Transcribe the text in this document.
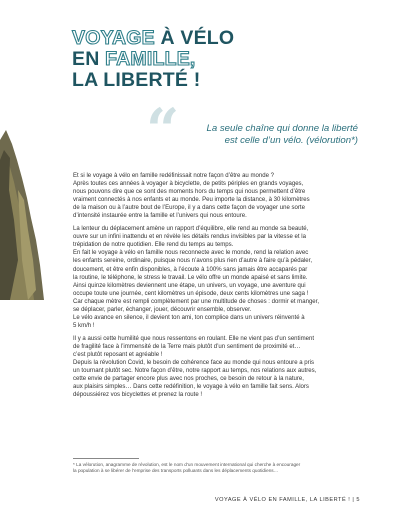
VOYAGE À VÉLO
EN FAMILLE,
LA LIBERTÉ !
“	La seule chaîne qui donne la liberté
est celle d’un vélo. (vélorution*)

Et si le voyage à vélo en famille redéfinissait notre façon d’être au monde ?
Après toutes ces années à voyager à bicyclette, de petits périples en grands voyages,
nous pouvons dire que ce sont des moments hors du temps qui nous permettent d’être
vraiment connectés à nos enfants et au monde. Peu importe la distance, à 30 kilomètres
de la maison ou à l’autre bout de l’Europe, il y a dans cette façon de voyager une sorte
d’intensité instaurée entre la famille et l’univers qui nous entoure.

La lenteur du déplacement amène un rapport d’équilibre, elle rend au monde sa beauté,
ouvre sur un infini inattendu et en révèle les détails rendus invisibles par la vitesse et la
trépidation de notre quotidien. Elle rend du temps au temps.
En fait le voyage à vélo en famille nous reconnecte avec le monde, rend la relation avec
les enfants sereine, ordinaire, puisque nous n’avons plus rien d’autre à faire qu’à pédaler,
doucement, et être enfin disponibles, à l’écoute à 100% sans jamais être accaparés par
la routine, le téléphone, le stress le travail. Le vélo offre un monde apaisé et sans limite.
Ainsi quinze kilomètres deviennent une étape, un univers, un voyage, une aventure qui
occupe toute une journée, cent kilomètres un épisode, deux cents kilomètres une saga !
Car chaque mètre est rempli complètement par une multitude de choses : dormir et manger,
se déplacer, parler, échanger, jouer, découvrir ensemble, observer.
Le vélo avance en silence, il devient ton ami, ton complice dans un univers réinventé à
5 km/h !

Il y a aussi cette humilité que nous ressentons en roulant. Elle ne vient pas d’un sentiment
de fragilité face à l’immensité de la Terre mais plutôt d’un sentiment de proximité et…
c’est plutôt reposant et agréable !
Depuis la révolution Covid, le besoin de cohérence face au monde qui nous entoure a pris
un tournant plutôt sec. Notre façon d’être, notre rapport au temps, nos relations aux autres,
cette envie de partager encore plus avec nos proches, ce besoin de retour à la nature,
aux plaisirs simples… Dans cette redéfinition, le voyage à vélo en famille fait sens. Alors
dépoussiérez vos bicyclettes et prenez la route !

* La vélorution, anagramme de révolution, est le nom d’un mouvement international qui cherche à encourager
la population à se libérer de l’emprise des transports polluants dans les déplacements quotidiens…
VOYAGE À VÉLO EN FAMILLE, LA LIBERTÉ ! | 5
